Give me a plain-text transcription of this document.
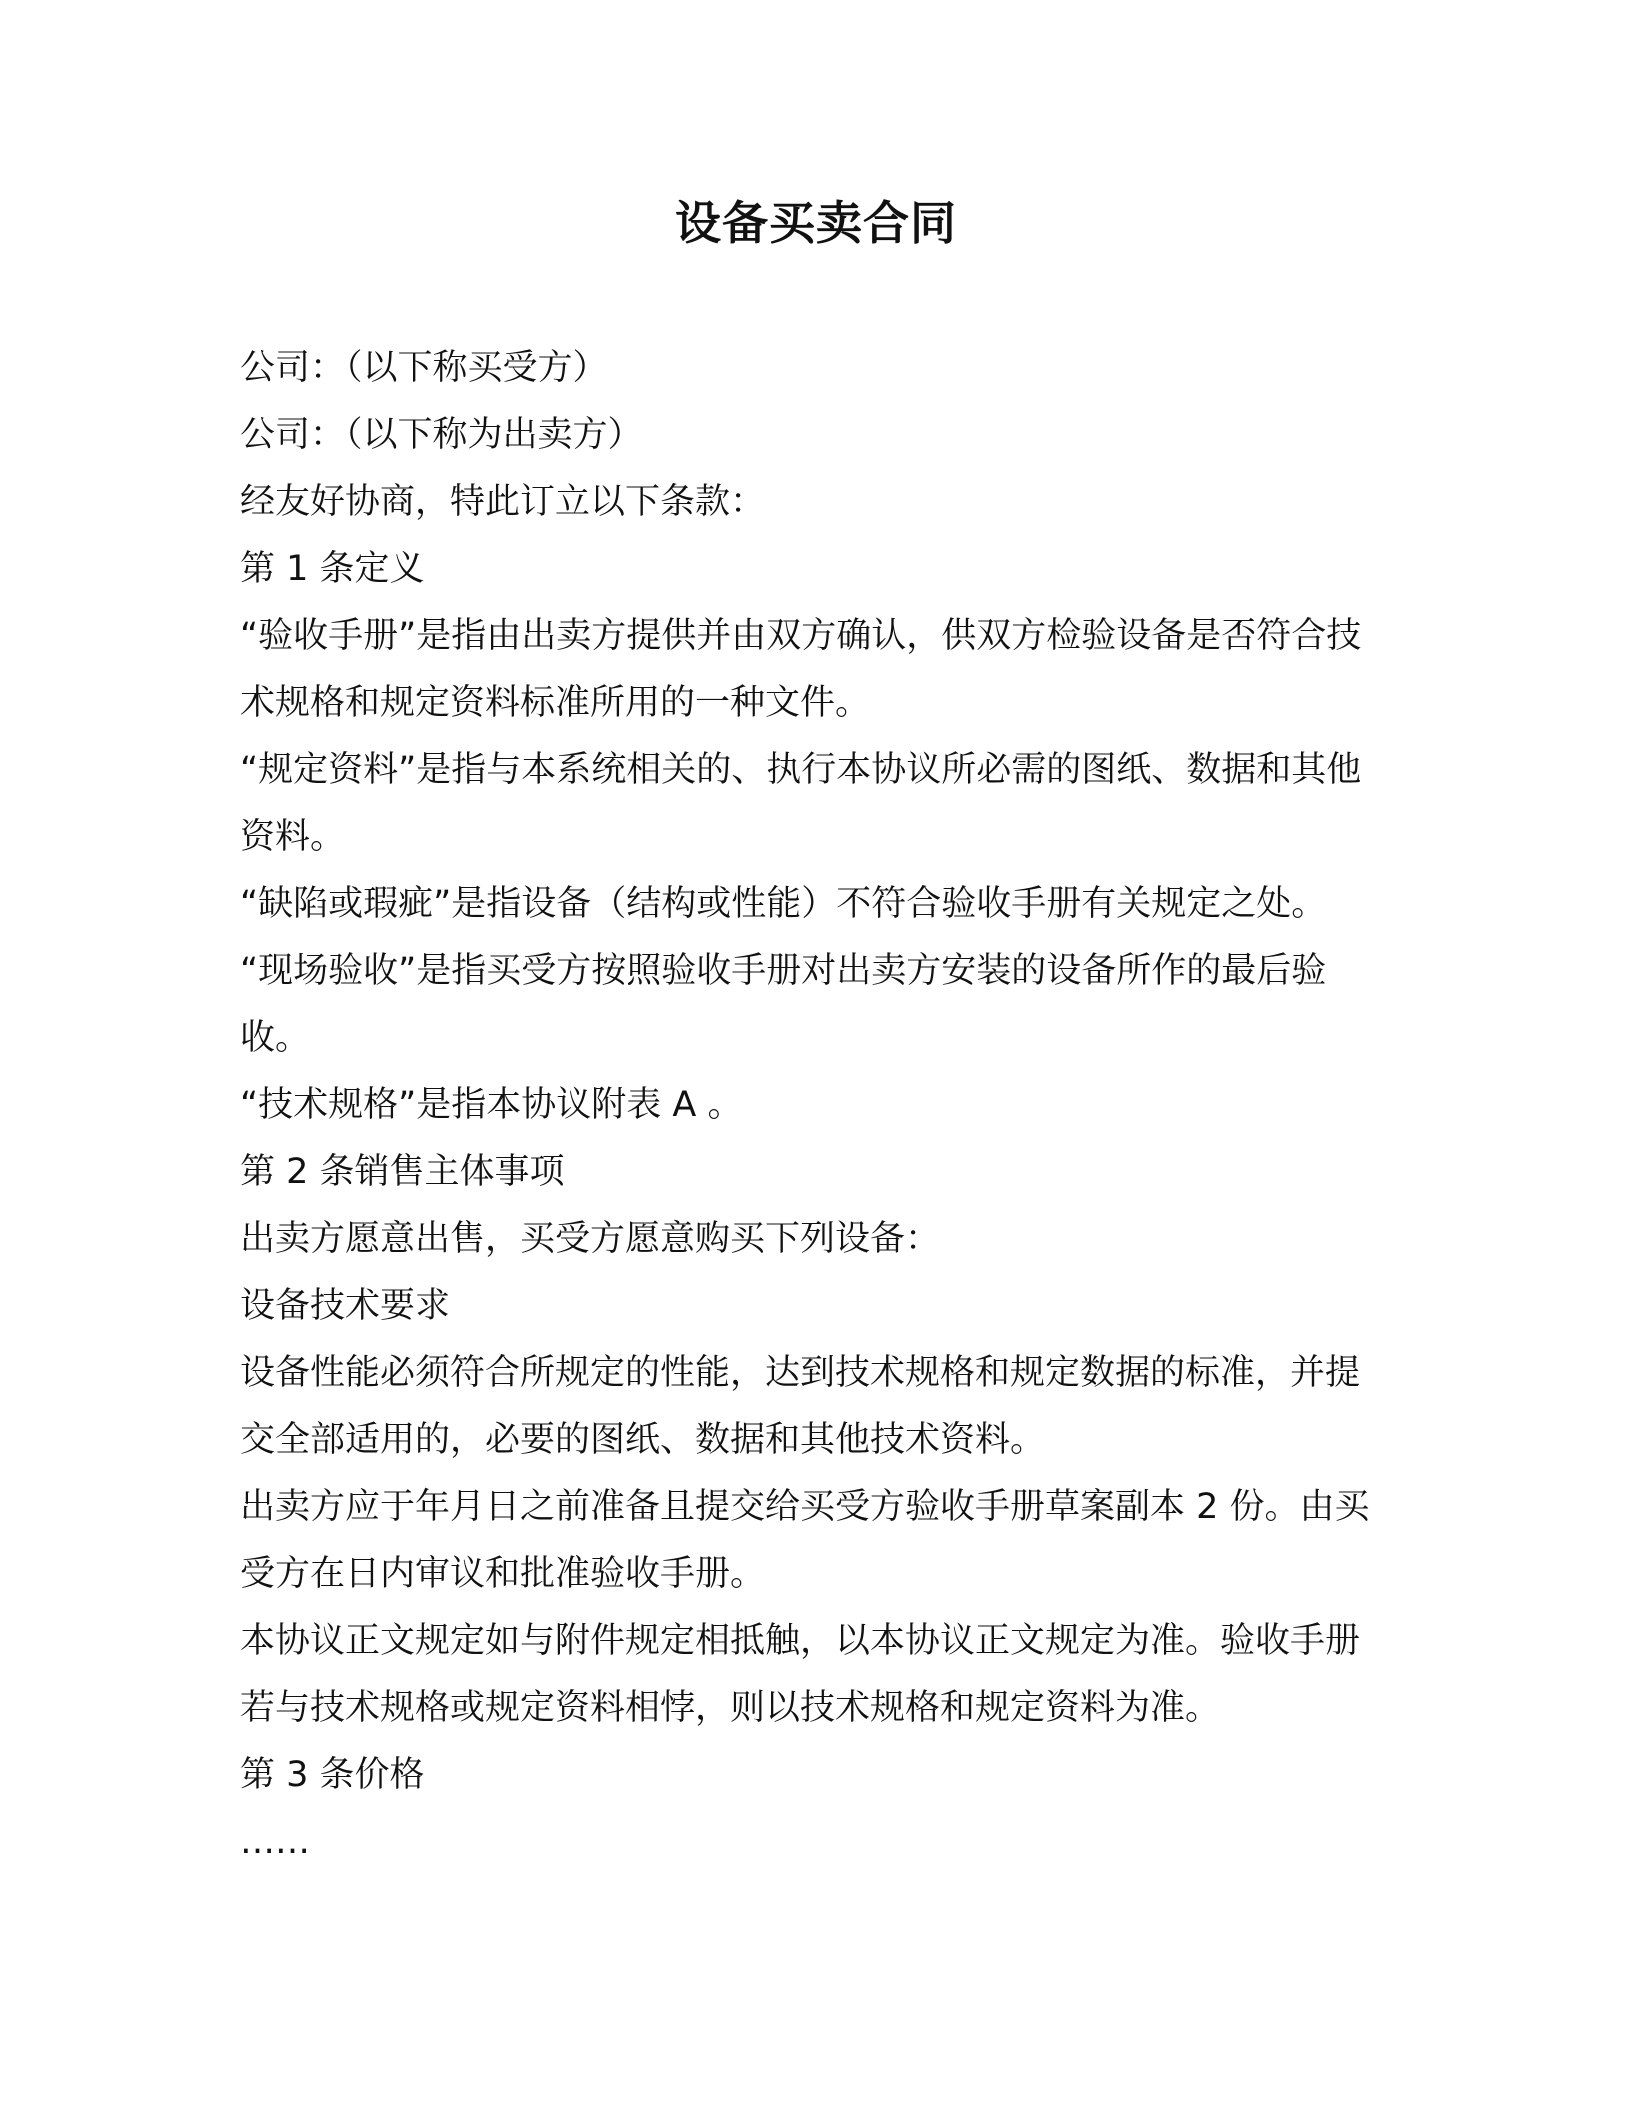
设备买卖合同

公司：（以下称买受方）

公司：（以下称为出卖方）

经友好协商，特此订立以下条款：

第 1 条定义

“验收手册”是指由出卖方提供并由双方确认，供双方检验设备是否符合技术规格和规定资料标准所用的一种文件。

“规定资料”是指与本系统相关的、执行本协议所必需的图纸、数据和其他资料。

“缺陷或瑕疵”是指设备（结构或性能）不符合验收手册有关规定之处。

“现场验收”是指买受方按照验收手册对出卖方安装的设备所作的最后验收。

“技术规格”是指本协议附表 A 。

第 2 条销售主体事项

出卖方愿意出售，买受方愿意购买下列设备：

设备技术要求

设备性能必须符合所规定的性能，达到技术规格和规定数据的标准，并提交全部适用的，必要的图纸、数据和其他技术资料。

出卖方应于年月日之前准备且提交给买受方验收手册草案副本 2 份。由买受方在日内审议和批准验收手册。

本协议正文规定如与附件规定相抵触，以本协议正文规定为准。验收手册若与技术规格或规定资料相悖，则以技术规格和规定资料为准。

第 3 条价格

……
